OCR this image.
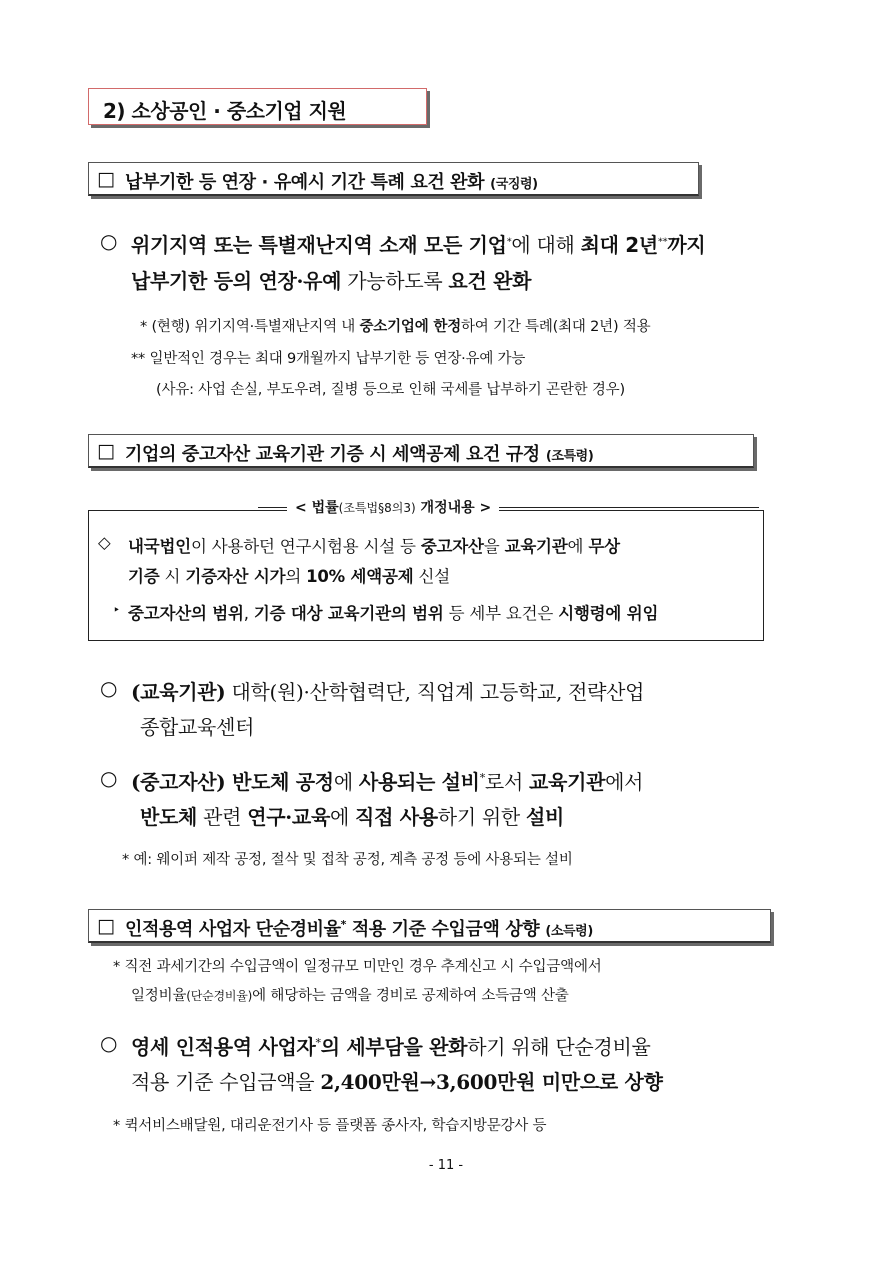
2) 소상공인 · 중소기업 지원
□ 납부기한 등 연장 · 유예시 기간 특례 요건 완화 (국징령)
○ 위기지역 또는 특별재난지역 소재 모든 기업*에 대해 최대 2년**까지
납부기한 등의 연장·유예 가능하도록 요건 완화
* (현행) 위기지역·특별재난지역 내 중소기업에 한정하여 기간 특례(최대 2년) 적용
** 일반적인 경우는 최대 9개월까지 납부기한 등 연장·유예 가능
(사유: 사업 손실, 부도우려, 질병 등으로 인해 국세를 납부하기 곤란한 경우)
□ 기업의 중고자산 교육기관 기증 시 세액공제 요건 규정 (조특령)
< 법률(조특법§8의3) 개정내용 >
◇ 내국법인이 사용하던 연구시험용 시설 등 중고자산을 교육기관에 무상
기증 시 기증자산 시가의 10% 세액공제 신설
‣ 중고자산의 범위, 기증 대상 교육기관의 범위 등 세부 요건은 시행령에 위임
○ (교육기관) 대학(원)·산학협력단, 직업계 고등학교, 전략산업
종합교육센터
○ (중고자산) 반도체 공정에 사용되는 설비*로서 교육기관에서
반도체 관련 연구·교육에 직접 사용하기 위한 설비
* 예: 웨이퍼 제작 공정, 절삭 및 접착 공정, 계측 공정 등에 사용되는 설비
□ 인적용역 사업자 단순경비율* 적용 기준 수입금액 상향 (소득령)
* 직전 과세기간의 수입금액이 일정규모 미만인 경우 추계신고 시 수입금액에서
일정비율(단순경비율)에 해당하는 금액을 경비로 공제하여 소득금액 산출
○ 영세 인적용역 사업자*의 세부담을 완화하기 위해 단순경비율
적용 기준 수입금액을 2,400만원→3,600만원 미만으로 상향
* 퀵서비스배달원, 대리운전기사 등 플랫폼 종사자, 학습지방문강사 등
- 11 -
